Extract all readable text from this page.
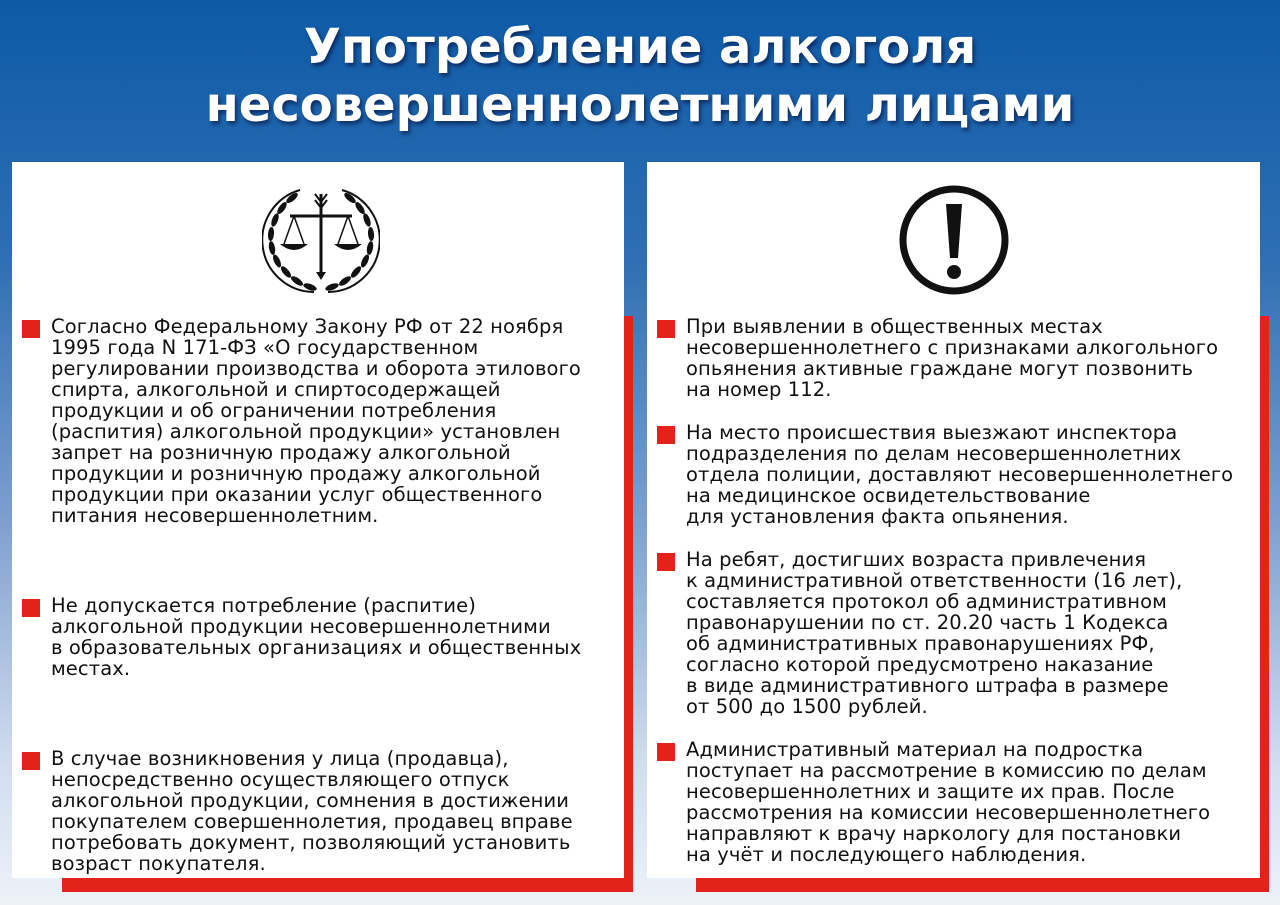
Употребление алкоголя
несовершеннолетними лицами
Согласно Федеральному Закону РФ от 22 ноября
1995 года N 171-ФЗ «О государственном
регулировании производства и оборота этилового
спирта, алкогольной и спиртосодержащей
продукции и об ограничении потребления
(распития) алкогольной продукции» установлен
запрет на розничную продажу алкогольной
продукции и розничную продажу алкогольной
продукции при оказании услуг общественного
питания несовершеннолетним.
Не допускается потребление (распитие)
алкогольной продукции несовершеннолетними
в образовательных организациях и общественных
местах.
В случае возникновения у лица (продавца),
непосредственно осуществляющего отпуск
алкогольной продукции, сомнения в достижении
покупателем совершеннолетия, продавец вправе
потребовать документ, позволяющий установить
возраст покупателя.
При выявлении в общественных местах
несовершеннолетнего с признаками алкогольного
опьянения активные граждане могут позвонить
на номер 112.
На место происшествия выезжают инспектора
подразделения по делам несовершеннолетних
отдела полиции, доставляют несовершеннолетнего
на медицинское освидетельствование
для установления факта опьянения.
На ребят, достигших возраста привлечения
к административной ответственности (16 лет),
составляется протокол об административном
правонарушении по ст. 20.20 часть 1 Кодекса
об административных правонарушениях РФ,
согласно которой предусмотрено наказание
в виде административного штрафа в размере
от 500 до 1500 рублей.
Административный материал на подростка
поступает на рассмотрение в комиссию по делам
несовершеннолетних и защите их прав. После
рассмотрения на комиссии несовершеннолетнего
направляют к врачу наркологу для постановки
на учёт и последующего наблюдения.
